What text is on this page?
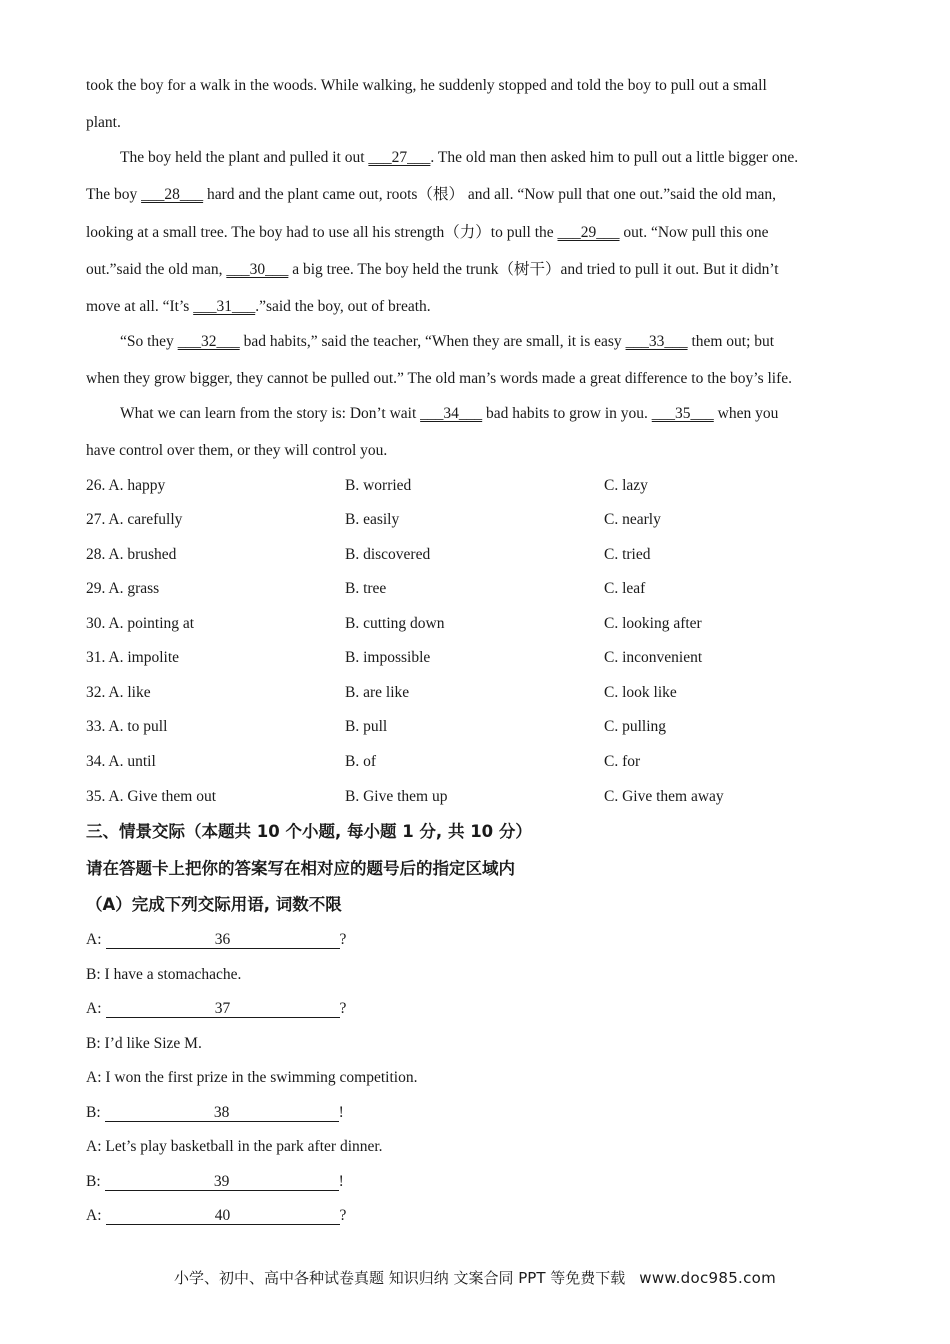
took the boy for a walk in the woods. While walking, he suddenly stopped and told the boy to pull out a small
plant.
The boy held the plant and pulled it out ___27___. The old man then asked him to pull out a little bigger one.
The boy ___28___ hard and the plant came out, roots（根） and all. “Now pull that one out.”said the old man,
looking at a small tree. The boy had to use all his strength（力）to pull the ___29___ out. “Now pull this one
out.”said the old man, ___30___ a big tree. The boy held the trunk（树干）and tried to pull it out. But it didn’t
move at all. “It’s ___31___.”said the boy, out of breath.
“So they ___32___ bad habits,” said the teacher, “When they are small, it is easy ___33___ them out; but
when they grow bigger, they cannot be pulled out.” The old man’s words made a great difference to the boy’s life.
What we can learn from the story is: Don’t wait ___34___ bad habits to grow in you. ___35___ when you
have control over them, or they will control you.
26. A. happy	B. worried	C. lazy
27. A. carefully	B. easily	C. nearly
28. A. brushed	B. discovered	C. tried
29. A. grass	B. tree	C. leaf
30. A. pointing at	B. cutting down	C. looking after
31. A. impolite	B. impossible	C. inconvenient
32. A. like	B. are like	C. look like
33. A. to pull	B. pull	C. pulling
34. A. until	B. of	C. for
35. A. Give them out	B. Give them up	C. Give them away
三、情景交际（本题共 10 个小题, 每小题 1 分, 共 10 分）
请在答题卡上把你的答案写在相对应的题号后的指定区域内
（A）完成下列交际用语, 词数不限
A:	36	?
B: I have a stomachache.
A:	37	?
B: I’d like Size M.
A: I won the first prize in the swimming competition.
B:	38	!
A: Let’s play basketball in the park after dinner.
B:	39	!
A:	40	?
小学、初中、高中各种试卷真题 知识归纳 文案合同 PPT 等免费下载 www.doc985.com
